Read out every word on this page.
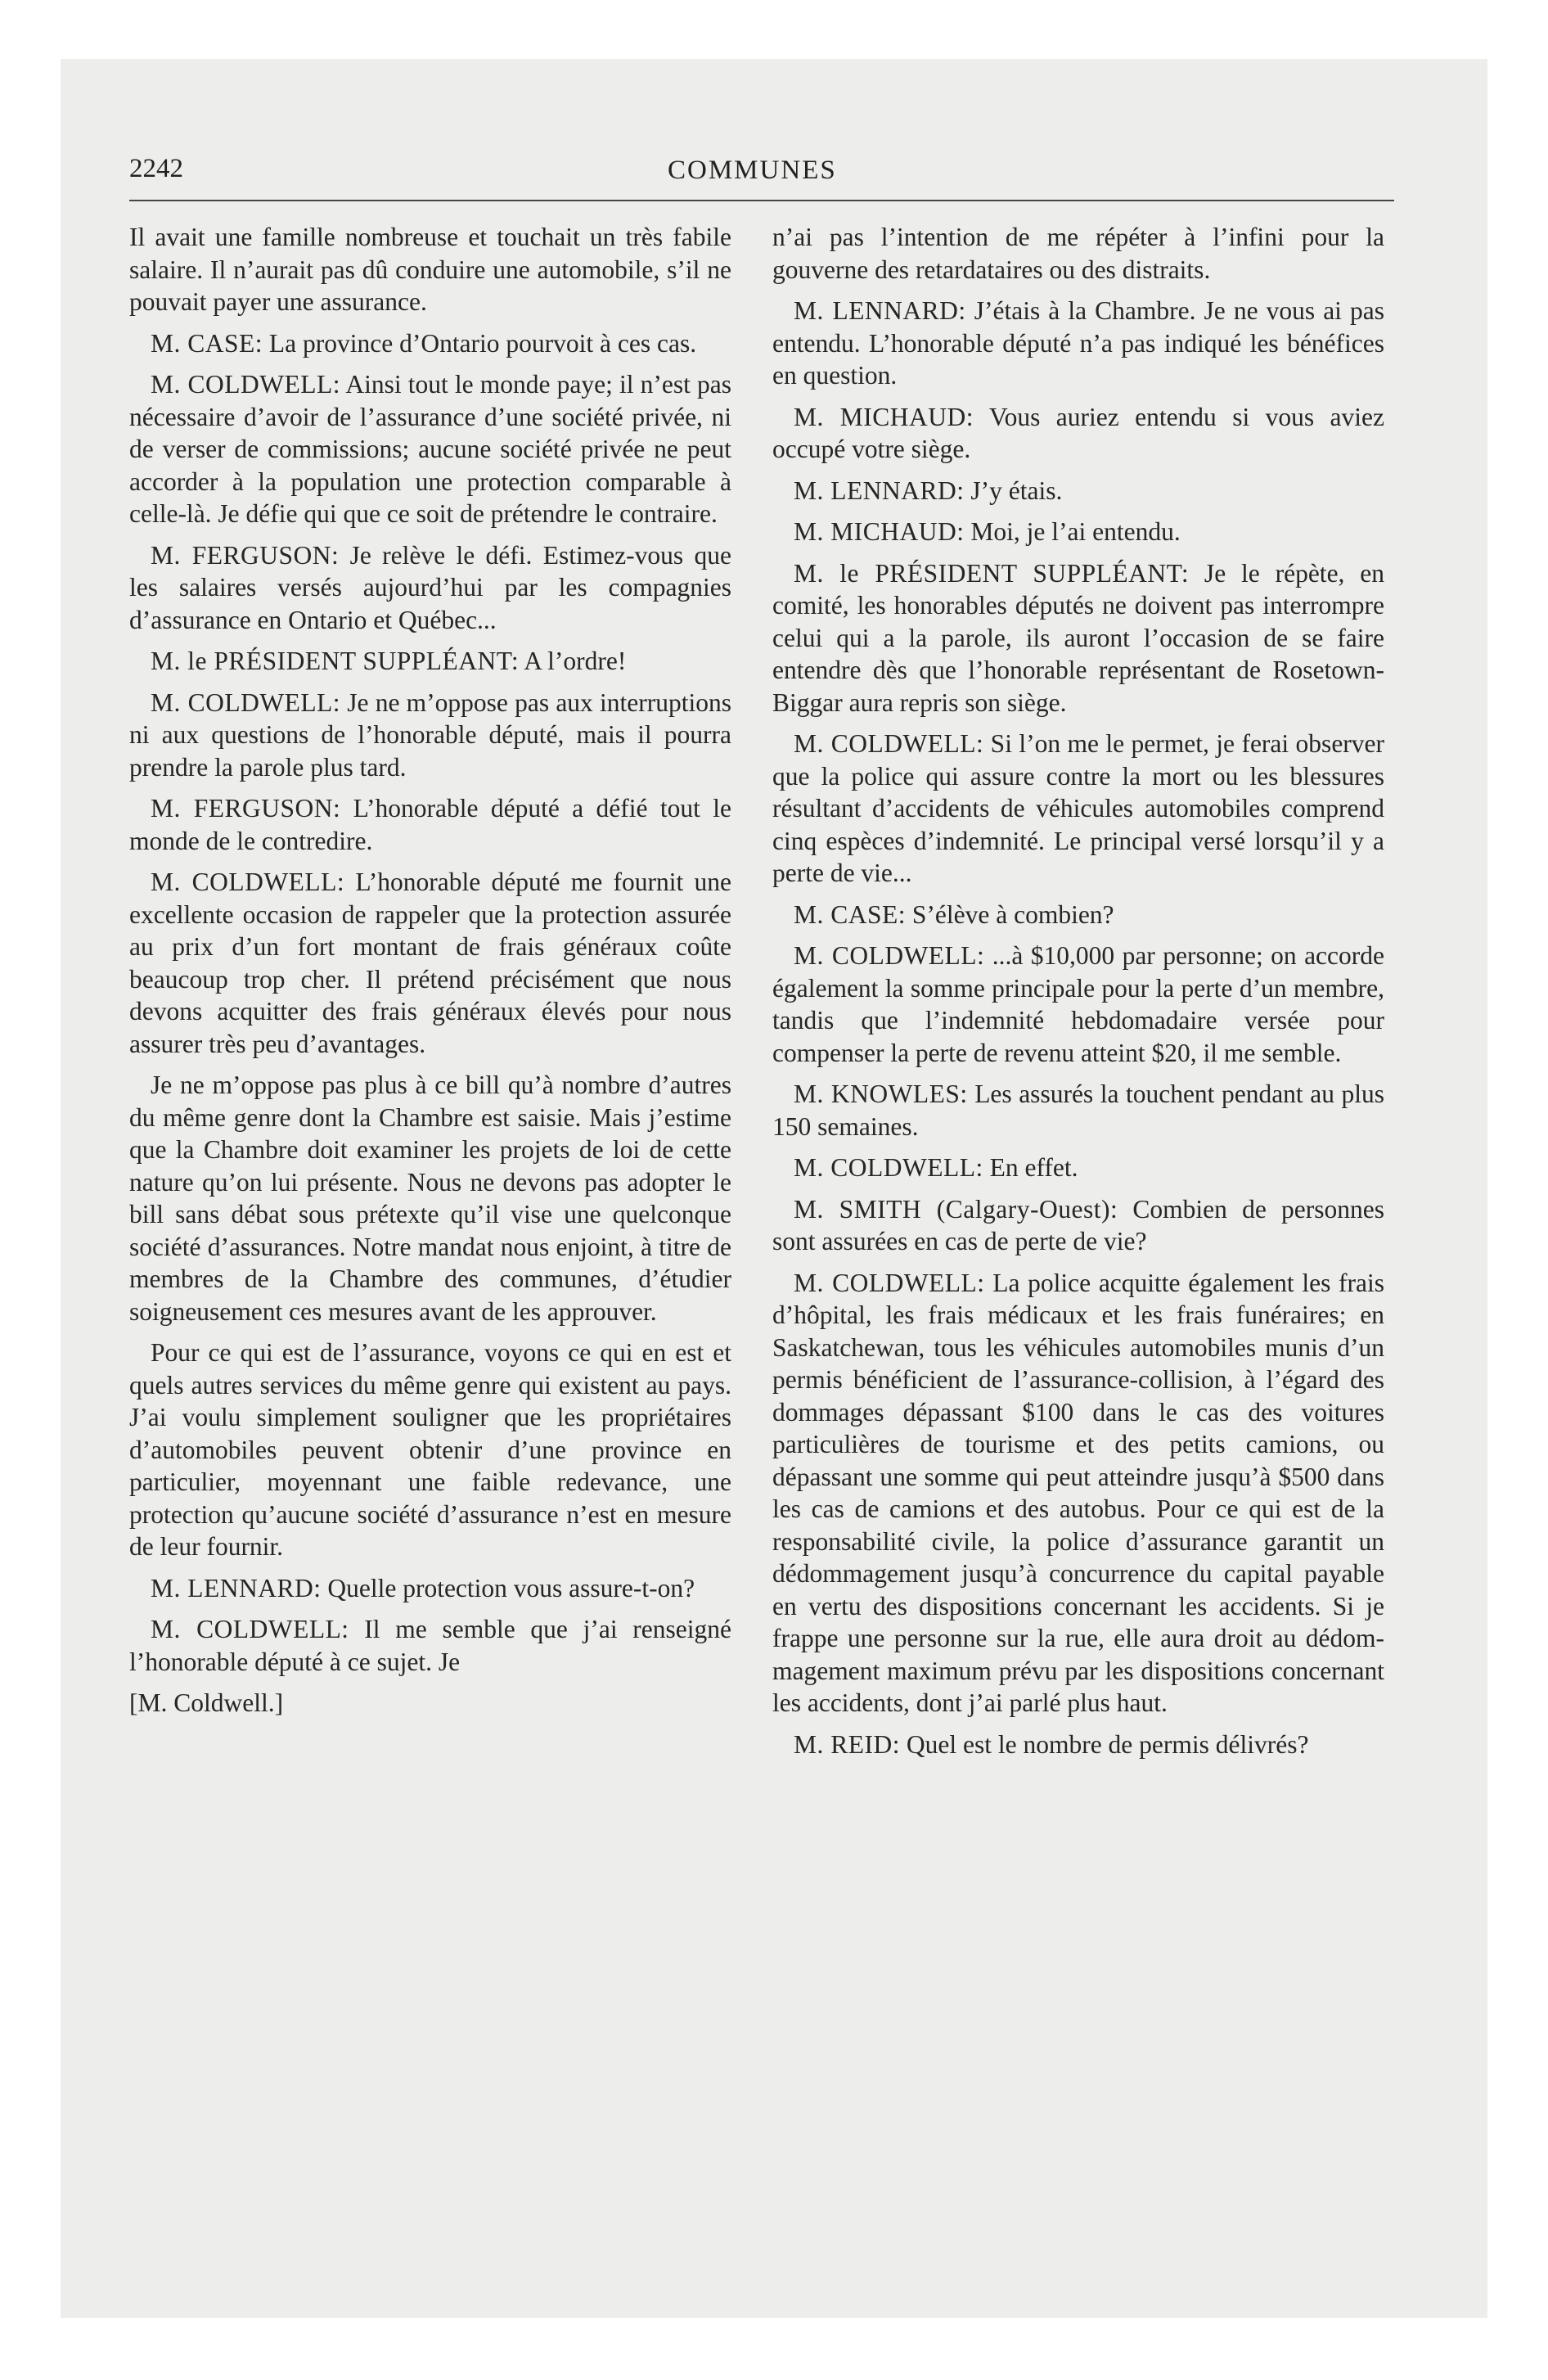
2242	COMMUNES

Il avait une famille nombreuse et touchait un très fabile salaire. Il n’aurait pas dû conduire une automobile, s’il ne pouvait payer une assurance.

M. CASE: La province d’Ontario pourvoit à ces cas.

M. COLDWELL: Ainsi tout le monde paye; il n’est pas nécessaire d’avoir de l’assurance d’une société privée, ni de verser de commissions; aucune société privée ne peut accorder à la population une protection comparable à celle-là. Je défie qui que ce soit de prétendre le contraire.

M. FERGUSON: Je relève le défi. Estimez-vous que les salaires versés aujourd’hui par les compagnies d’assurance en Ontario et Québec...

M. le PRÉSIDENT SUPPLÉANT: A l’ordre!

M. COLDWELL: Je ne m’oppose pas aux interruptions ni aux questions de l’honorable député, mais il pourra prendre la parole plus tard.

M. FERGUSON: L’honorable député a défié tout le monde de le contredire.

M. COLDWELL: L’honorable député me fournit une excellente occasion de rappeler que la protection assurée au prix d’un fort montant de frais généraux coûte beaucoup trop cher. Il prétend précisément que nous devons acquitter des frais généraux élevés pour nous assurer très peu d’avantages.

Je ne m’oppose pas plus à ce bill qu’à nombre d’autres du même genre dont la Chambre est saisie. Mais j’estime que la Chambre doit examiner les projets de loi de cette nature qu’on lui présente. Nous ne devons pas adopter le bill sans débat sous prétexte qu’il vise une quelconque société d’assurances. Notre mandat nous enjoint, à titre de membres de la Chambre des communes, d’étudier soigneusement ces mesures avant de les approuver.

Pour ce qui est de l’assurance, voyons ce qui en est et quels autres services du même genre qui existent au pays. J’ai voulu simplement souligner que les propriétaires d’automobiles peuvent obtenir d’une province en particulier, moyennant une faible redevance, une protection qu’aucune société d’assurance n’est en mesure de leur fournir.

M. LENNARD: Quelle protection vous assure-t-on?

M. COLDWELL: Il me semble que j’ai renseigné l’honorable député à ce sujet. Je

[M. Coldwell.]

n’ai pas l’intention de me répéter à l’infini pour la gouverne des retardataires ou des distraits.

M. LENNARD: J’étais à la Chambre. Je ne vous ai pas entendu. L’honorable député n’a pas indiqué les bénéfices en question.

M. MICHAUD: Vous auriez entendu si vous aviez occupé votre siège.

M. LENNARD: J’y étais.

M. MICHAUD: Moi, je l’ai entendu.

M. le PRÉSIDENT SUPPLÉANT: Je le répète, en comité, les honorables députés ne doivent pas interrompre celui qui a la parole, ils auront l’occasion de se faire entendre dès que l’honorable représentant de Rosetown-Biggar aura repris son siège.

M. COLDWELL: Si l’on me le permet, je ferai observer que la police qui assure contre la mort ou les blessures résultant d’accidents de véhicules automobiles comprend cinq espèces d’indemnité. Le principal versé lorsqu’il y a perte de vie...

M. CASE: S’élève à combien?

M. COLDWELL: ...à $10,000 par personne; on accorde également la somme principale pour la perte d’un membre, tandis que l’indemnité hebdomadaire versée pour compenser la perte de revenu atteint $20, il me semble.

M. KNOWLES: Les assurés la touchent pendant au plus 150 semaines.

M. COLDWELL: En effet.

M. SMITH (Calgary-Ouest): Combien de personnes sont assurées en cas de perte de vie?

M. COLDWELL: La police acquitte également les frais d’hôpital, les frais médicaux et les frais funéraires; en Saskatchewan, tous les véhicules automobiles munis d’un permis bénéficient de l’assurance-collision, à l’égard des dommages dépassant $100 dans le cas des voitures particulières de tourisme et des petits camions, ou dépassant une somme qui peut atteindre jusqu’à $500 dans les cas de camions et des autobus. Pour ce qui est de la responsabilité civile, la police d’assurance garantit un dédommagement jusqu’à concurrence du capital payable en vertu des dispositions concernant les accidents. Si je frappe une personne sur la rue, elle aura droit au dédommagement maximum prévu par les dispositions concernant les accidents, dont j’ai parlé plus haut.

M. REID: Quel est le nombre de permis délivrés?
